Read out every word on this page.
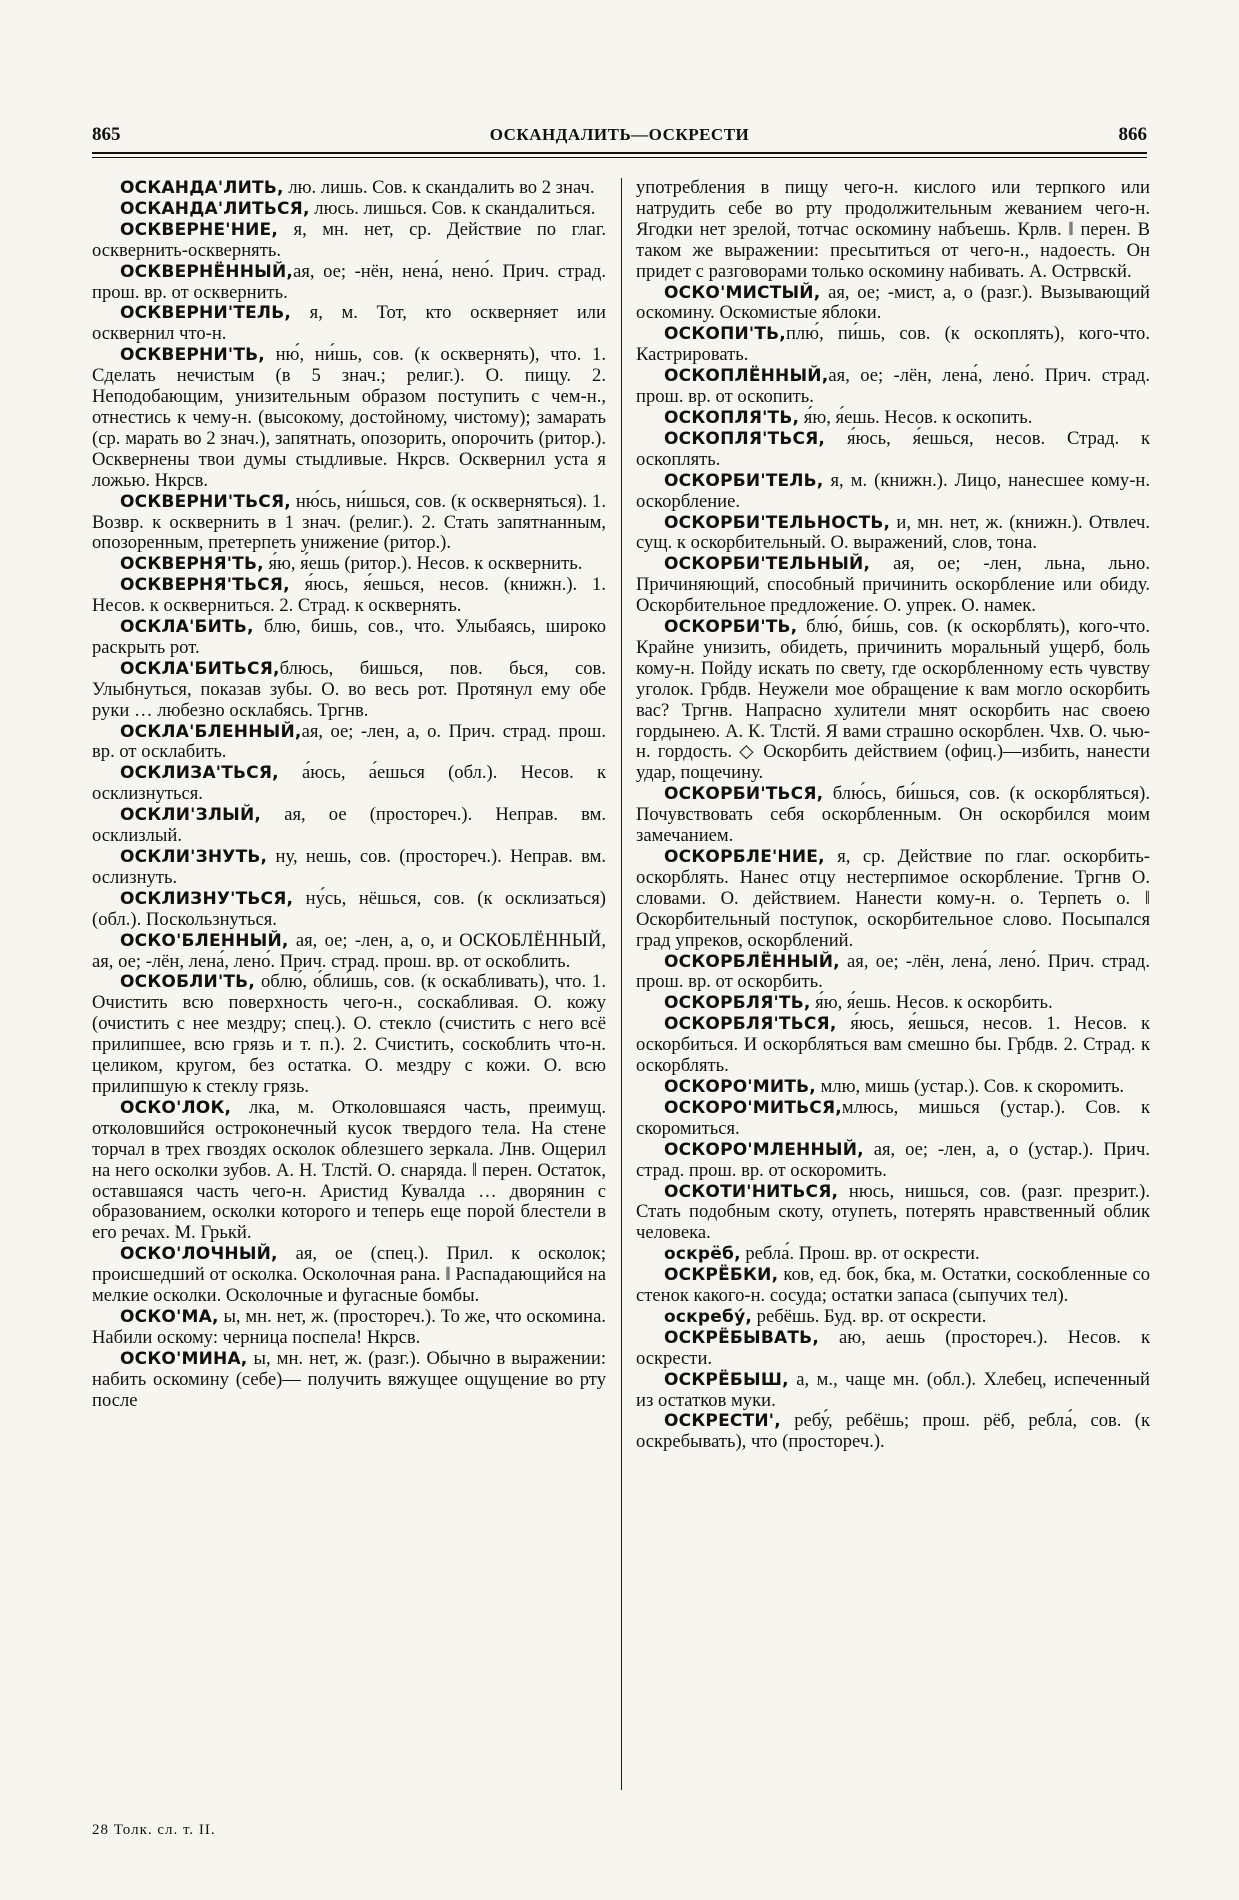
865	ОСКАНДАЛИТЬ—ОСКРЕСТИ	866

ОСКАНДА'ЛИТЬ, лю. лишь. Сов. к скандалить во 2 знач.

ОСКАНДА'ЛИТЬСЯ, люсь. лишься. Сов. к скандалиться.

ОСКВЕРНЕ'НИЕ, я, мн. нет, ср. Действие по глаг. осквернить-осквернять.

ОСКВЕРНЁННЫЙ,ая, ое; -нён, нена́, нено́. Прич. страд. прош. вр. от осквернить.

ОСКВЕРНИ'ТЕЛЬ, я, м. Тот, кто оскверняет или осквернил что-н.

ОСКВЕРНИ'ТЬ, ню́, ни́шь, сов. (к осквернять), что. 1. Сделать нечистым (в 5 знач.; религ.). О. пищу. 2. Неподобающим, унизительным образом поступить с чем-н., отнестись к чему-н. (высокому, достойному, чистому); замарать (ср. марать во 2 знач.), запятнать, опозорить, опорочить (ритор.). Осквернены твои думы стыдливые. Нкрсв. Осквернил уста я ложью. Нкрсв.

ОСКВЕРНИ'ТЬСЯ, ню́сь, ни́шься, сов. (к оскверняться). 1. Возвр. к осквернить в 1 знач. (религ.). 2. Стать запятнанным, опозоренным, претерпеть унижение (ритор.).

ОСКВЕРНЯ'ТЬ, я́ю, я́ешь (ритор.). Несов. к осквернить.

ОСКВЕРНЯ'ТЬСЯ, я́юсь, я́ешься, несов. (книжн.). 1. Несов. к оскверниться. 2. Страд. к осквернять.

ОСКЛА'БИТЬ, блю, бишь, сов., что. Улыбаясь, широко раскрыть рот.

ОСКЛА'БИТЬСЯ,блюсь, бишься, пов. бься, сов. Улыбнуться, показав зубы. О. во весь рот. Протянул ему обе руки … любезно осклабясь. Тргнв.

ОСКЛА'БЛЕННЫЙ,ая, ое; -лен, а, о. Прич. страд. прош. вр. от осклабить.

ОСКЛИЗА'ТЬСЯ, а́юсь, а́ешься (обл.). Несов. к осклизнуться.

ОСКЛИ'ЗЛЫЙ, ая, ое (простореч.). Неправ. вм. осклизлый.

ОСКЛИ'ЗНУТЬ, ну, нешь, сов. (простореч.). Неправ. вм. ослизнуть.

ОСКЛИЗНУ'ТЬСЯ, ну́сь, нёшься, сов. (к осклизаться) (обл.). Поскользнуться.

ОСКО'БЛЕННЫЙ, ая, ое; -лен, а, о, и ОСКОБЛЁННЫЙ, ая, ое; -лён, лена́, лено́. Прич. страд. прош. вр. от оскоблить.

ОСКОБЛИ'ТЬ, облю́, о́бли́шь, сов. (к оскабливать), что. 1. Очистить всю поверхность чего-н., соскабливая. О. кожу (очистить с нее мездру; спец.). О. стекло (счистить с него всё прилипшее, всю грязь и т. п.). 2. Счистить, соскоблить что-н. целиком, кругом, без остатка. О. мездру с кожи. О. всю прилипшую к стеклу грязь.

ОСКО'ЛОК, лка, м. Отколовшаяся часть, преимущ. отколовшийся остроконечный кусок твердого тела. На стене торчал в трех гвоздях осколок облезшего зеркала. Лнв. Ощерил на него осколки зубов. А. Н. Тлстй. О. снаряда. ‖ перен. Остаток, оставшаяся часть чего-н. Аристид Кувалда … дворянин с образованием, осколки которого и теперь еще порой блестели в его речах. М. Грькй.

ОСКО'ЛОЧНЫЙ, ая, ое (спец.). Прил. к осколок; происшедший от осколка. Осколочная рана. ‖ Распадающийся на мелкие осколки. Осколочные и фугасные бомбы.

ОСКО'МА, ы, мн. нет, ж. (простореч.). То же, что оскомина. Набили оскому: черница поспела! Нкрсв.

ОСКО'МИНА, ы, мн. нет, ж. (разг.). Обычно в выражении: набить оскомину (себе)— получить вяжущее ощущение во рту после

употребления в пищу чего-н. кислого или терпкого или натрудить себе во рту продолжительным жеванием чего-н. Ягодки нет зрелой, тотчас оскомину набъешь. Крлв. ‖ перен. В таком же выражении: пресытиться от чего-н., надоесть. Он придет с разговорами только оскомину набивать. А. Острвскй.

ОСКО'МИСТЫЙ, ая, ое; -мист, а, о (разг.). Вызывающий оскомину. Оскомистые яблоки.

ОСКОПИ'ТЬ,плю́, пи́шь, сов. (к оскоплять), кого-что. Кастрировать.

ОСКОПЛЁННЫЙ,ая, ое; -лён, лена́, лено́. Прич. страд. прош. вр. от оскопить.

ОСКОПЛЯ'ТЬ, я́ю, я́ешь. Несов. к оскопить.

ОСКОПЛЯ'ТЬСЯ, я́юсь, я́ешься, несов. Страд. к оскоплять.

ОСКОРБИ'ТЕЛЬ, я, м. (книжн.). Лицо, нанесшее кому-н. оскорбление.

ОСКОРБИ'ТЕЛЬНОСТЬ, и, мн. нет, ж. (книжн.). Отвлеч. сущ. к оскорбительный. О. выражений, слов, тона.

ОСКОРБИ'ТЕЛЬНЫЙ, ая, ое; -лен, льна, льно. Причиняющий, способный причинить оскорбление или обиду. Оскорбительное предложение. О. упрек. О. намек.

ОСКОРБИ'ТЬ, блю́, би́шь, сов. (к оскорблять), кого-что. Крайне унизить, обидеть, причинить моральный ущерб, боль кому-н. Пойду искать по свету, где оскорбленному есть чувству уголок. Грбдв. Неужели мое обращение к вам могло оскорбить вас? Тргнв. Напрасно хулители мнят оскорбить нас своею гордынею. А. К. Тлстй. Я вами страшно оскорблен. Чхв. О. чью-н. гордость. ◇ Оскорбить действием (офиц.)—избить, нанести удар, пощечину.

ОСКОРБИ'ТЬСЯ, блю́сь, би́шься, сов. (к оскорбляться). Почувствовать себя оскорбленным. Он оскорбился моим замечанием.

ОСКОРБЛЕ'НИЕ, я, ср. Действие по глаг. оскорбить-оскорблять. Нанес отцу нестерпимое оскорбление. Тргнв О. словами. О. действием. Нанести кому-н. о. Терпеть о. ‖ Оскорбительный поступок, оскорбительное слово. Посыпался град упреков, оскорблений.

ОСКОРБЛЁННЫЙ, ая, ое; -лён, лена́, лено́. Прич. страд. прош. вр. от оскорбить.

ОСКОРБЛЯ'ТЬ, я́ю, я́ешь. Несов. к оскорбить.

ОСКОРБЛЯ'ТЬСЯ, я́юсь, я́ешься, несов. 1. Несов. к оскорбиться. И оскорбляться вам смешно бы. Грбдв. 2. Страд. к оскорблять.

ОСКОРО'МИТЬ, млю, мишь (устар.). Сов. к скоромить.

ОСКОРО'МИТЬСЯ,млюсь, мишься (устар.). Сов. к скоромиться.

ОСКОРО'МЛЕННЫЙ, ая, ое; -лен, а, о (устар.). Прич. страд. прош. вр. от оскоромить.

ОСКОТИ'НИТЬСЯ, нюсь, нишься, сов. (разг. презрит.). Стать подобным скоту, отупеть, потерять нравственный облик человека.

оскрёб, ребла́. Прош. вр. от оскрести.

ОСКРЁБКИ, ков, ед. бок, бка, м. Остатки, соскобленные со стенок какого-н. сосуда; остатки запаса (сыпучих тел).

оскребу́, ребёшь. Буд. вр. от оскрести.

ОСКРЁБЫВАТЬ, аю, аешь (простореч.). Несов. к оскрести.

ОСКРЁБЫШ, а, м., чаще мн. (обл.). Хлебец, испеченный из остатков муки.

ОСКРЕСТИ', ребу́, ребёшь; прош. рёб, ребла́, сов. (к оскребывать), что (простореч.).

28 Толк. сл. т. II.
